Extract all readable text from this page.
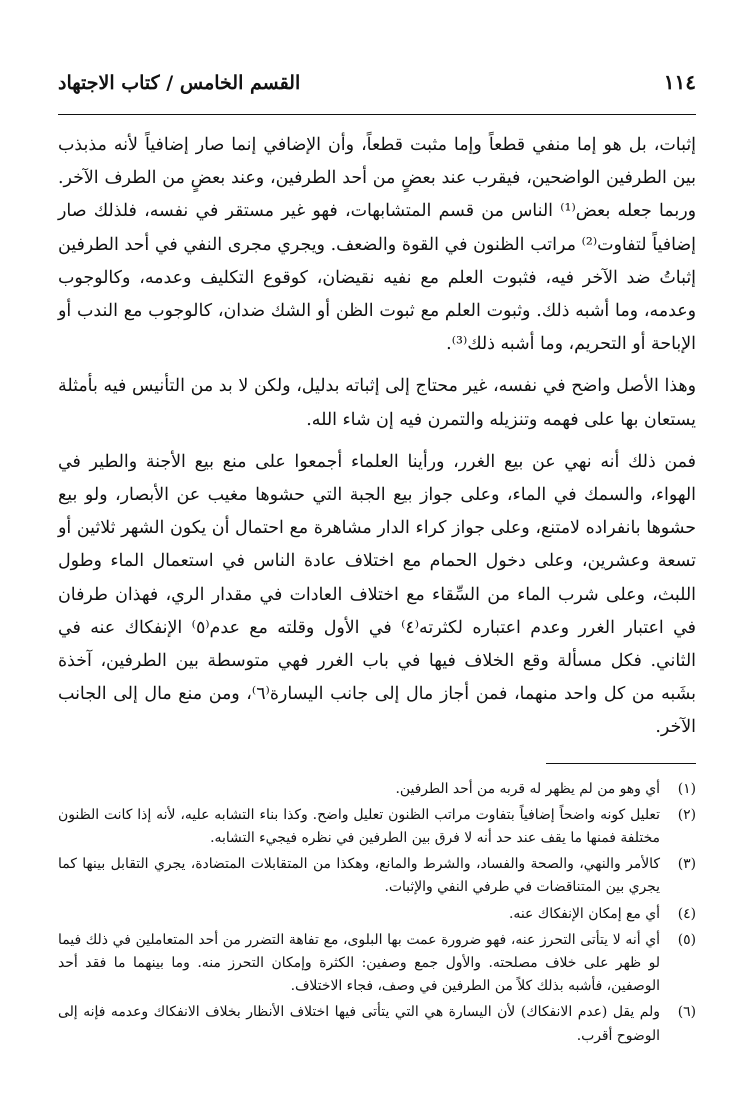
١١٤
القسم الخامس / كتاب الاجتهاد

إثبات، بل هو إما منفي قطعاً وإما مثبت قطعاً، وأن الإضافي إنما صار إضافياً لأنه مذبذب بين الطرفين الواضحين، فيقرب عند بعضٍ من أحد الطرفين، وعند بعضٍ من الطرف الآخر. وربما جعله بعض⁽¹⁾ الناس من قسم المتشابهات، فهو غير مستقر في نفسه، فلذلك صار إضافياً لتفاوت⁽²⁾ مراتب الظنون في القوة والضعف. ويجري مجرى النفي في أحد الطرفين إثباتُ ضد الآخر فيه، فثبوت العلم مع نفيه نقيضان، كوقوع التكليف وعدمه، وكالوجوب وعدمه، وما أشبه ذلك. وثبوت العلم مع ثبوت الظن أو الشك ضدان، كالوجوب مع الندب أو الإباحة أو التحريم، وما أشبه ذلك⁽³⁾.

وهذا الأصل واضح في نفسه، غير محتاج إلى إثباته بدليل، ولكن لا بد من التأنيس فيه بأمثلة يستعان بها على فهمه وتنزيله والتمرن فيه إن شاء الله.

فمن ذلك أنه نهي عن بيع الغرر، ورأينا العلماء أجمعوا على منع بيع الأجنة والطير في الهواء، والسمك في الماء، وعلى جواز بيع الجبة التي حشوها مغيب عن الأبصار، ولو بيع حشوها بانفراده لامتنع، وعلى جواز كراء الدار مشاهرة مع احتمال أن يكون الشهر ثلاثين أو تسعة وعشرين، وعلى دخول الحمام مع اختلاف عادة الناس في استعمال الماء وطول اللبث، وعلى شرب الماء من السِّقاء مع اختلاف العادات في مقدار الري، فهذان طرفان في اعتبار الغرر وعدم اعتباره لكثرته⁽٤⁾ في الأول وقلته مع عدم⁽٥⁾ الإنفكاك عنه في الثاني. فكل مسألة وقع الخلاف فيها في باب الغرر فهي متوسطة بين الطرفين، آخذة بشَبه من كل واحد منهما، فمن أجاز مال إلى جانب اليسارة⁽٦⁾، ومن منع مال إلى الجانب الآخر.

(١)
أي وهو من لم يظهر له قربه من أحد الطرفين.
(٢)
تعليل كونه واضحاً إضافياً بتفاوت مراتب الظنون تعليل واضح. وكذا بناء التشابه عليه، لأنه إذا كانت الظنون مختلفة فمنها ما يقف عند حد أنه لا فرق بين الطرفين في نظره فيجيء التشابه.
(٣)
كالأمر والنهي، والصحة والفساد، والشرط والمانع، وهكذا من المتقابلات المتضادة، يجري التقابل بينها كما يجري بين المتناقضات في طرفي النفي والإثبات.
(٤)
أي مع إمكان الإنفكاك عنه.
(٥)
أي أنه لا يتأتى التحرز عنه، فهو ضرورة عمت بها البلوى، مع تفاهة التضرر من أحد المتعاملين في ذلك فيما لو ظهر على خلاف مصلحته. والأول جمع وصفين: الكثرة وإمكان التحرز منه. وما بينهما ما فقد أحد الوصفين، فأشبه بذلك كلاً من الطرفين في وصف، فجاء الاختلاف.
(٦)
ولم يقل (عدم الانفكاك) لأن اليسارة هي التي يتأتى فيها اختلاف الأنظار بخلاف الانفكاك وعدمه فإنه إلى الوضوح أقرب.
